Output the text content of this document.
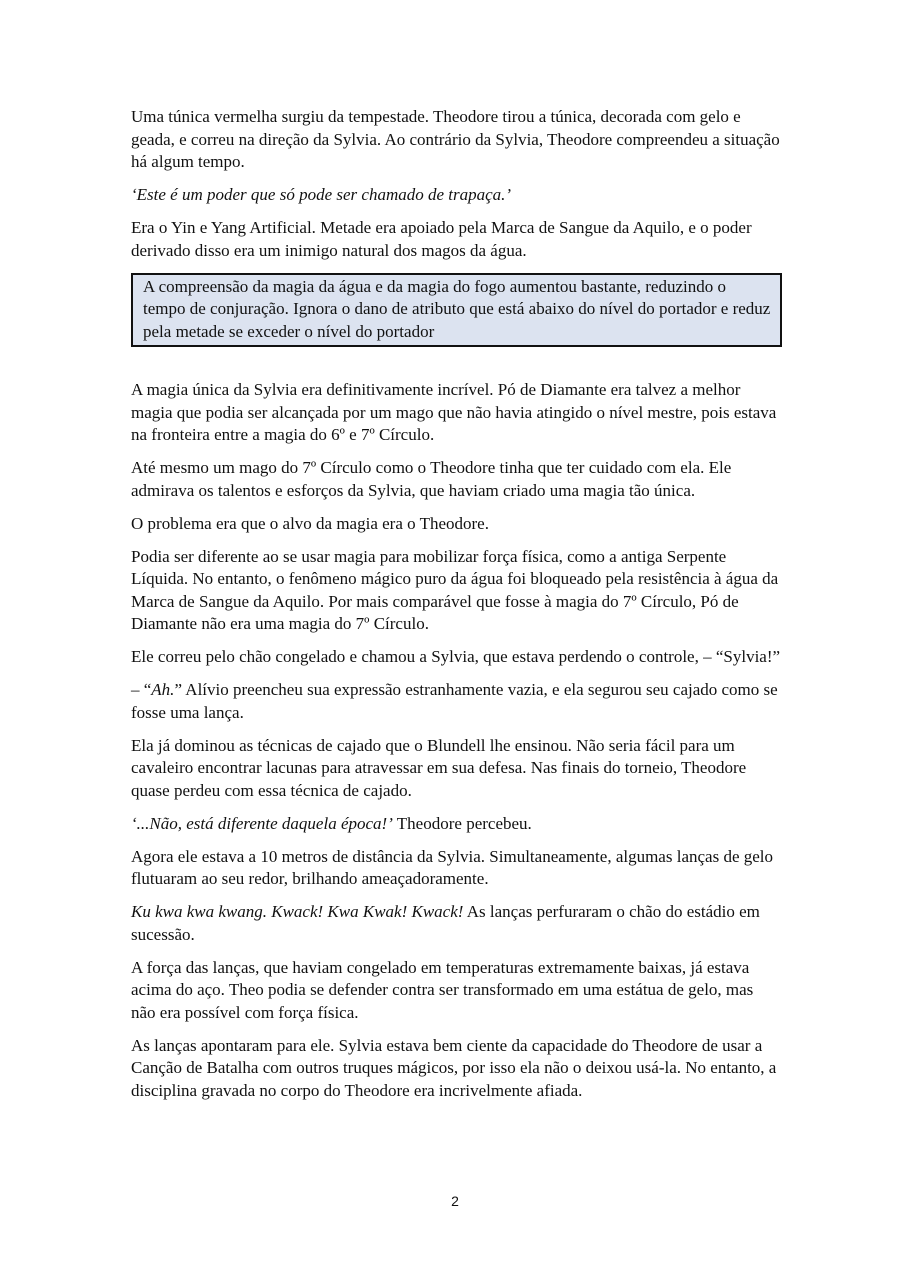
Uma túnica vermelha surgiu da tempestade. Theodore tirou a túnica, decorada com gelo e geada, e correu na direção da Sylvia. Ao contrário da Sylvia, Theodore compreendeu a situação há algum tempo.

‘Este é um poder que só pode ser chamado de trapaça.’

Era o Yin e Yang Artificial. Metade era apoiado pela Marca de Sangue da Aquilo, e o poder derivado disso era um inimigo natural dos magos da água.

A compreensão da magia da água e da magia do fogo aumentou bastante, reduzindo o tempo de conjuração. Ignora o dano de atributo que está abaixo do nível do portador e reduz pela metade se exceder o nível do portador

A magia única da Sylvia era definitivamente incrível. Pó de Diamante era talvez a melhor magia que podia ser alcançada por um mago que não havia atingido o nível mestre, pois estava na fronteira entre a magia do 6º e 7º Círculo.

Até mesmo um mago do 7º Círculo como o Theodore tinha que ter cuidado com ela. Ele admirava os talentos e esforços da Sylvia, que haviam criado uma magia tão única.

O problema era que o alvo da magia era o Theodore.

Podia ser diferente ao se usar magia para mobilizar força física, como a antiga Serpente Líquida. No entanto, o fenômeno mágico puro da água foi bloqueado pela resistência à água da Marca de Sangue da Aquilo. Por mais comparável que fosse à magia do 7º Círculo, Pó de Diamante não era uma magia do 7º Círculo.

Ele correu pelo chão congelado e chamou a Sylvia, que estava perdendo o controle, – “Sylvia!”

– “Ah.” Alívio preencheu sua expressão estranhamente vazia, e ela segurou seu cajado como se fosse uma lança.

Ela já dominou as técnicas de cajado que o Blundell lhe ensinou. Não seria fácil para um cavaleiro encontrar lacunas para atravessar em sua defesa. Nas finais do torneio, Theodore quase perdeu com essa técnica de cajado.

‘...Não, está diferente daquela época!’ Theodore percebeu.

Agora ele estava a 10 metros de distância da Sylvia. Simultaneamente, algumas lanças de gelo flutuaram ao seu redor, brilhando ameaçadoramente.

Ku kwa kwa kwang. Kwack! Kwa Kwak! Kwack! As lanças perfuraram o chão do estádio em sucessão.

A força das lanças, que haviam congelado em temperaturas extremamente baixas, já estava acima do aço. Theo podia se defender contra ser transformado em uma estátua de gelo, mas não era possível com força física.

As lanças apontaram para ele. Sylvia estava bem ciente da capacidade do Theodore de usar a Canção de Batalha com outros truques mágicos, por isso ela não o deixou usá-la. No entanto, a disciplina gravada no corpo do Theodore era incrivelmente afiada.

2
